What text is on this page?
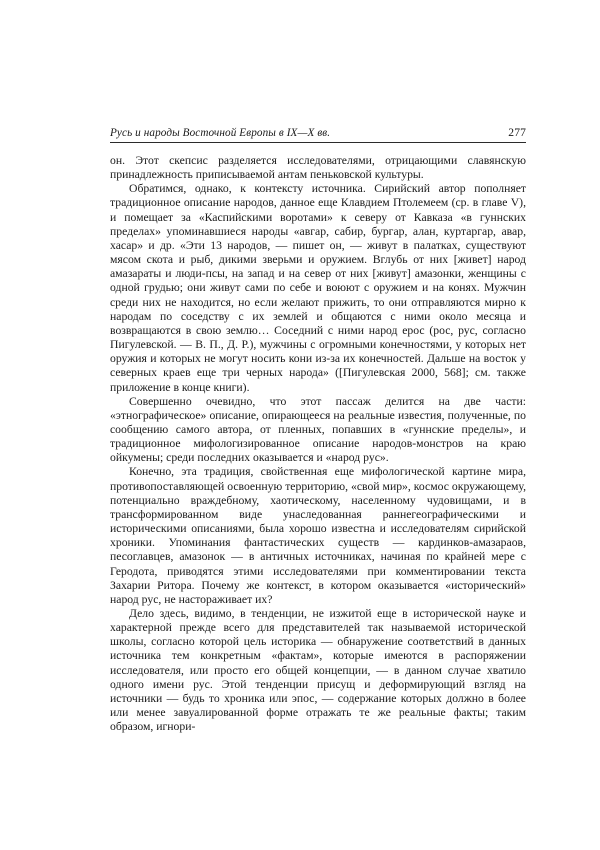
Русь и народы Восточной Европы в IX—X вв.	277

он. Этот скепсис разделяется исследователями, отрицающими славянскую принадлежность приписываемой антам пеньковской культуры.

Обратимся, однако, к контексту источника. Сирийский автор пополняет традиционное описание народов, данное еще Клавдием Птолемеем (ср. в главе V), и помещает за «Каспийскими воротами» к северу от Кавказа «в гуннских пределах» упоминавшиеся народы «авгар, сабир, бургар, алан, куртаргар, авар, хасар» и др. «Эти 13 народов, — пишет он, — живут в палатках, существуют мясом скота и рыб, дикими зверьми и оружием. Вглубь от них [живет] народ амазараты и люди-псы, на запад и на север от них [живут] амазонки, женщины с одной грудью; они живут сами по себе и воюют с оружием и на конях. Мужчин среди них не находится, но если желают прижить, то они отправляются мирно к народам по соседству с их землей и общаются с ними около месяца и возвращаются в свою землю… Соседний с ними народ ерос (рос, рус, согласно Пигулевской. — В. П., Д. Р.), мужчины с огромными конечностями, у которых нет оружия и которых не могут носить кони из-за их конечностей. Дальше на восток у северных краев еще три черных народа» ([Пигулевская 2000, 568]; см. также приложение в конце книги).

Совершенно очевидно, что этот пассаж делится на две части: «этнографическое» описание, опирающееся на реальные известия, полученные, по сообщению самого автора, от пленных, попавших в «гуннские пределы», и традиционное мифологизированное описание народов-монстров на краю ойкумены; среди последних оказывается и «народ рус».

Конечно, эта традиция, свойственная еще мифологической картине мира, противопоставляющей освоенную территорию, «свой мир», космос окружающему, потенциально враждебному, хаотическому, населенному чудовищами, и в трансформированном виде унаследованная раннегеографическими и историческими описаниями, была хорошо известна и исследователям сирийской хроники. Упоминания фантастических существ — кардинков-амазараов, песоглавцев, амазонок — в античных источниках, начиная по крайней мере с Геродота, приводятся этими исследователями при комментировании текста Захарии Ритора. Почему же контекст, в котором оказывается «исторический» народ рус, не настораживает их?

Дело здесь, видимо, в тенденции, не изжитой еще в исторической науке и характерной прежде всего для представителей так называемой исторической школы, согласно которой цель историка — обнаружение соответствий в данных источника тем конкретным «фактам», которые имеются в распоряжении исследователя, или просто его общей концепции, — в данном случае хватило одного имени рус. Этой тенденции присущ и деформирующий взгляд на источники — будь то хроника или эпос, — содержание которых должно в более или менее завуалированной форме отражать те же реальные факты; таким образом, игнори-
